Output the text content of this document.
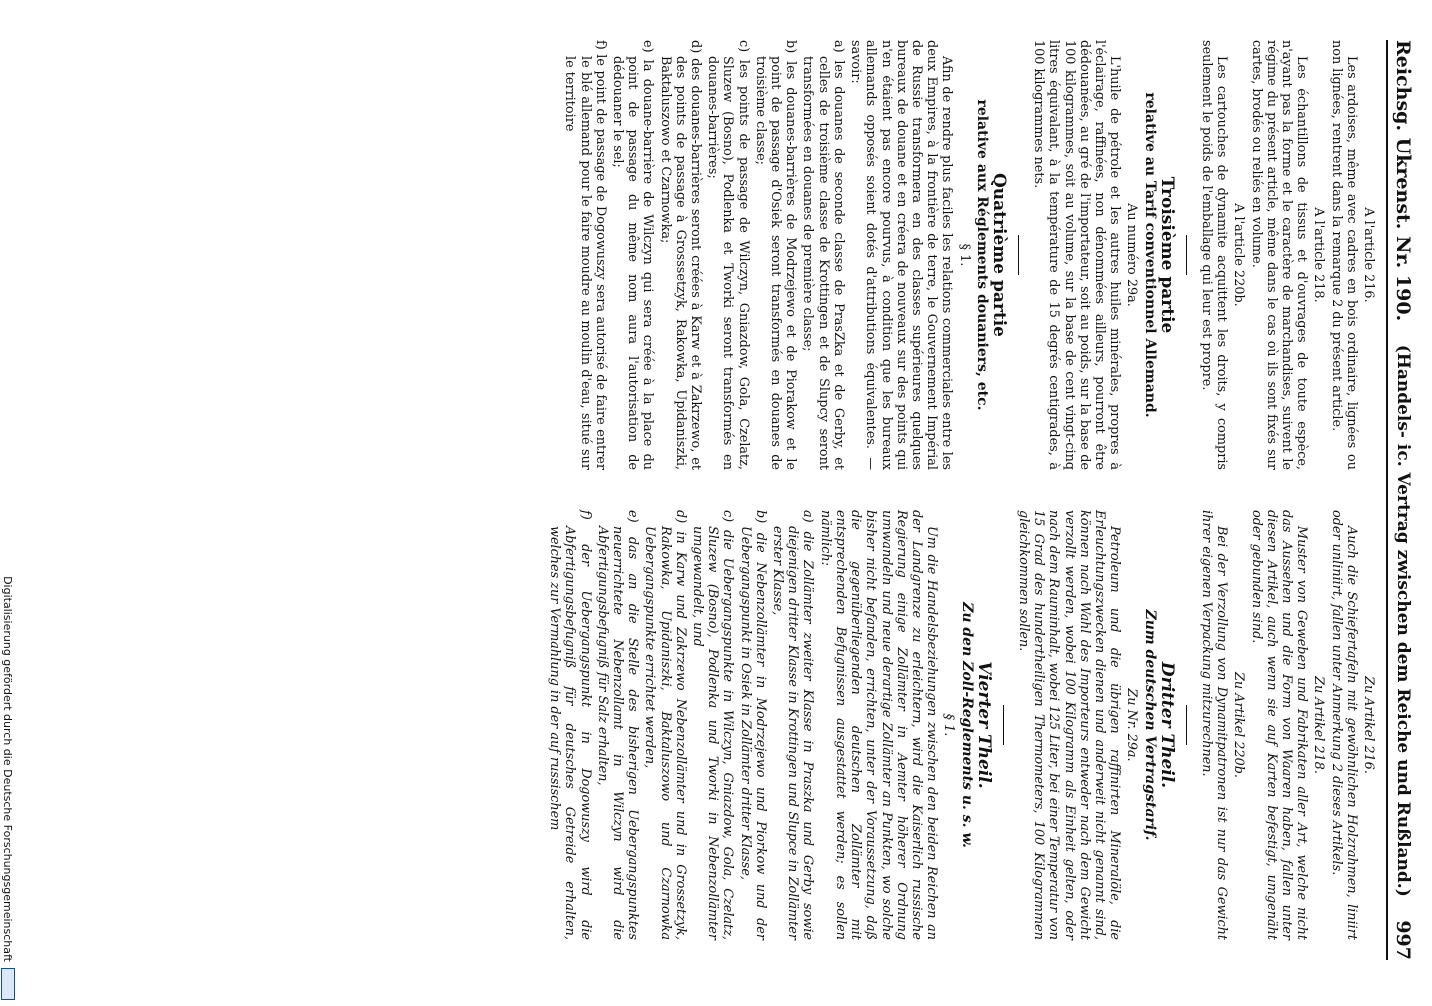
Reichsg. Ukrenst. Nr. 190.
(Handels- ic. Vertrag zwischen dem Reiche und Rußland.)
997

A l'article 216.

Les ardoises, même avec cadres en bois ordinaire, lignées ou non lignées, rentrent dans la remarque 2 du présent article.

A l'article 218.

Les échantillons de tissus et d'ouvrages de toute espèce, n'ayant pas la forme et le caractère de marchandises, suivent le régime du présent article, même dans le cas où ils sont fixés sur cartes, brodés ou reliés en volume.

A l'article 220b.

Les cartouches de dynamite acquittent les droits, y compris seulement le poids de l'emballage qui leur est propre.

Troisième partie

relative au Tarif conventionnel Allemand.

Au numéro 29a.

L'huile de pétrole et les autres huiles minérales, propres à l'éclairage, raffinées, non dénommées ailleurs, pourront être dédouanées, au gré de l'importateur, soit au poids, sur la base de 100 kilogrammes, soit au volume, sur la base de cent vingt-cinq litres équivalant, à la température de 15 degrés centigrades, à 100 kilogrammes nets.

Quatrième partie

relative aux Réglements douaniers, etc.

§ 1.

Afin de rendre plus faciles les relations commerciales entre les deux Empires, à la frontière de terre, le Gouvernement Impérial de Russie transformera en des classes supérieures quelques bureaux de douane et en créera de nouveaux sur des points qui n'en étaient pas encore pourvus, à condition que les bureaux allemands opposés soient dotés d'attributions équivalentes. — savoir:

a) les douanes de seconde classe de PrasZka et de Gerby, et celles de troisième classe de Krottingen et de Slupcy seront transformées en douanes de première classe;

b) les douanes-barrières de Modrzejewo et de Piorakow et le point de passage d'Osiek seront transformés en douanes de troisième classe;

c) les points de passage de Wilczyn, Gniazdow, Gola, Czelatz, Sluzew (Bosno), Podlenka et Tworki seront transformés en douanes-barrières;

d) des douanes-barrières seront créées à Karw et à Zakrzewo, et des points de passage à Grosssetzyk, Rakowka, Upidaniszki, Baktaluszowo et Czarnowka;

e) la douane-barrière de Wilczyn qui sera créée à la place du point de passage du même nom aura l'autorisation de dédouaner le sel;

f) le point de passage de Dogowuszy sera autorisé de faire entrer le blé allemand pour le faire moudre au moulin d'eau, situé sur le territoire

Zu Artikel 216.

Auch die Schiefertafeln mit gewöhnlichen Holzrahmen, liniirt oder unliniirt, fallen unter Anmerkung 2 dieses Artikels.

Zu Artikel 218.

Muster von Geweben und Fabrikaten aller Art, welche nicht das Aussehen und die Form von Waaren haben, fallen unter diesen Artikel, auch wenn sie auf Karten befestigt, umgenäht oder gebunden sind.

Zu Artikel 220b.

Bei der Verzollung von Dynamitpatronen ist nur das Gewicht ihrer eigenen Verpackung mitzurechnen.

Dritter Theil.

Zum deutschen Vertragstarif.

Zu Nr. 29a.

Petroleum und die übrigen raffinirten Mineralöle, die Erleuchtungszwecken dienen und anderweit nicht genannt sind, können nach Wahl des Importeurs entweder nach dem Gewicht verzollt werden, wobei 100 Kilogramm als Einheit gelten, oder nach dem Rauminhalt, wobei 125 Liter, bei einer Temperatur von 15 Grad des hundertheiligen Thermometers, 100 Kilogrammen gleichkommen sollen.

Vierter Theil.

Zu den Zoll-Reglements u. s. w.

§ 1.

Um die Handelsbeziehungen zwischen den beiden Reichen an der Landgrenze zu erleichtern, wird die Kaiserlich russische Regierung einige Zollämter in Aemter höherer Ordnung umwandeln und neue derartige Zollämter an Punkten, wo solche bisher nicht befanden, errichten, unter der Voraussetzung, daß die gegenüberliegenden deutschen Zollämter mit entsprechenden Befugnissen ausgestattet werden; es sollen nämlich:

a) die Zollämter zweiter Klasse in Praszka und Gerby sowie diejenigen dritter Klasse in Krottingen und Slupce in Zollämter erster Klasse,

b) die Nebenzollämter in Modrzejewo und Piorkow und der Uebergangspunkt in Osiek in Zollämter dritter Klasse,

c) die Uebergangspunkte in Wilczyn, Gniazdow, Gola, Czelatz, Sluzew (Bosno), Podlenka und Tworki in Nebenzollämter umgewandelt, und

d) in Karw und Zakrzewo Nebenzollämter und in Grossetzyk, Rakowka, Upidaniszki, Baktaluszowo und Czarnowka Uebergangspunkte errichtet werden,

e) das an die Stelle des bisherigen Uebergangspunktes neuerrichtete Nebenzollamt in Wilczyn wird die Abfertigungsbefugniß für Salz erhalten,

f) der Uebergangspunkt in Dogowuszy wird die Abfertigungsbefugniß für deutsches Getreide erhalten, welches zur Vermahlung in der auf russischem

Digitalisierung gefördert durch die Deutsche Forschungsgemeinschaft
